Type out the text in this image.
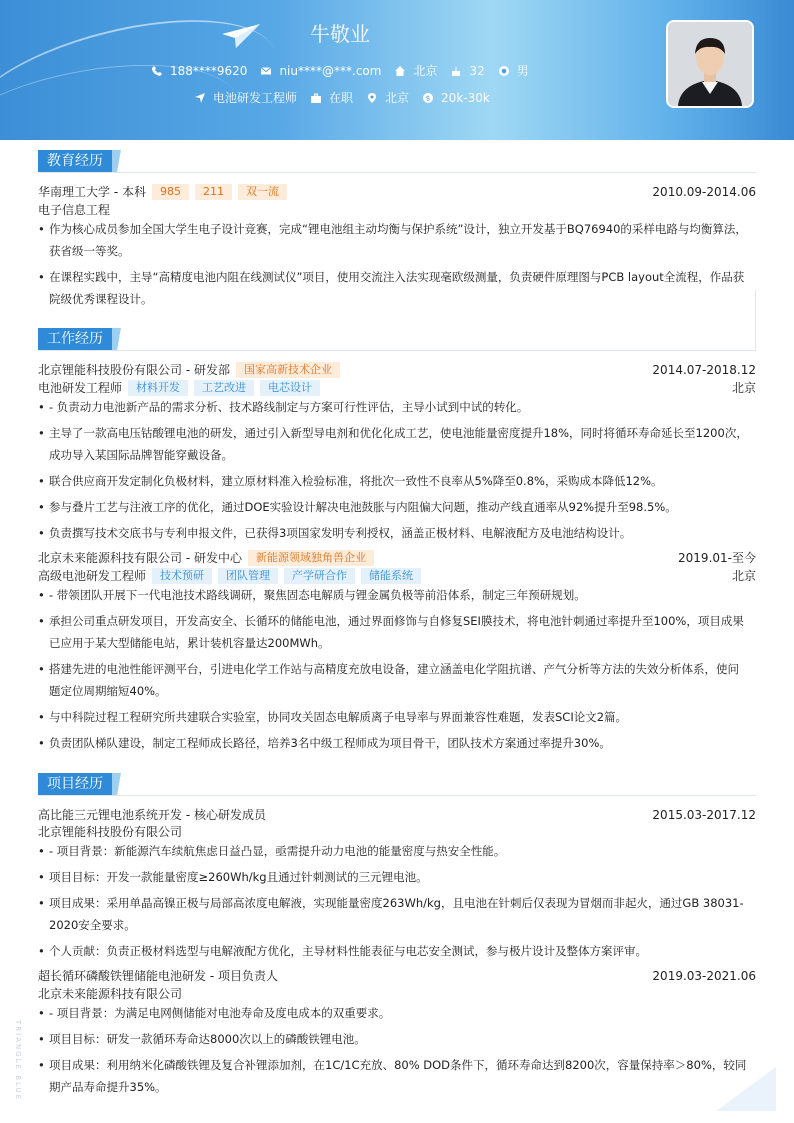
牛敬业
188****9620	niu****@***.com	北京	32	男
电池研发工程师	在职	北京 $ 20k-30k
教育经历
华南理工大学 - 本科	985	211	双一流	2010.09-2014.06
电子信息工程
• 作为核心成员参加全国大学生电子设计竞赛，完成“锂电池组主动均衡与保护系统”设计，独立开发基于BQ76940的采样电路与均衡算法，获省级一等奖。
• 在课程实践中，主导“高精度电池内阻在线测试仪”项目，使用交流注入法实现毫欧级测量，负责硬件原理图与PCB layout全流程，作品获院级优秀课程设计。
工作经历
北京锂能科技股份有限公司 - 研发部	国家高新技术企业	2014.07-2018.12
电池研发工程师	材料开发	工艺改进	电芯设计	北京
• - 负责动力电池新产品的需求分析、技术路线制定与方案可行性评估，主导小试到中试的转化。
• 主导了一款高电压钴酸锂电池的研发，通过引入新型导电剂和优化化成工艺，使电池能量密度提升18%，同时将循环寿命延长至1200次，成功导入某国际品牌智能穿戴设备。
• 联合供应商开发定制化负极材料，建立原材料准入检验标准，将批次一致性不良率从5%降至0.8%，采购成本降低12%。
• 参与叠片工艺与注液工序的优化，通过DOE实验设计解决电池鼓胀与内阻偏大问题，推动产线直通率从92%提升至98.5%。
• 负责撰写技术交底书与专利申报文件，已获得3项国家发明专利授权，涵盖正极材料、电解液配方及电池结构设计。
北京未来能源科技有限公司 - 研发中心	新能源领域独角兽企业	2019.01-至今
高级电池研发工程师	技术预研	团队管理	产学研合作	储能系统	北京
• - 带领团队开展下一代电池技术路线调研，聚焦固态电解质与锂金属负极等前沿体系，制定三年预研规划。
• 承担公司重点研发项目，开发高安全、长循环的储能电池，通过界面修饰与自修复SEI膜技术，将电池针刺通过率提升至100%，项目成果已应用于某大型储能电站，累计装机容量达200MWh。
• 搭建先进的电池性能评测平台，引进电化学工作站与高精度充放电设备，建立涵盖电化学阻抗谱、产气分析等方法的失效分析体系，使问题定位周期缩短40%。
• 与中科院过程工程研究所共建联合实验室，协同攻关固态电解质离子电导率与界面兼容性难题，发表SCI论文2篇。
• 负责团队梯队建设，制定工程师成长路径，培养3名中级工程师成为项目骨干，团队技术方案通过率提升30%。
项目经历
高比能三元锂电池系统开发 - 核心研发成员	2015.03-2017.12
北京锂能科技股份有限公司
• - 项目背景：新能源汽车续航焦虑日益凸显，亟需提升动力电池的能量密度与热安全性能。
• 项目目标：开发一款能量密度≥260Wh/kg且通过针刺测试的三元锂电池。
• 项目成果：采用单晶高镍正极与局部高浓度电解液，实现能量密度263Wh/kg，且电池在针刺后仅表现为冒烟而非起火，通过GB 38031-2020安全要求。
• 个人贡献：负责正极材料选型与电解液配方优化，主导材料性能表征与电芯安全测试，参与极片设计及整体方案评审。
超长循环磷酸铁锂储能电池研发 - 项目负责人	2019.03-2021.06
北京未来能源科技有限公司
• - 项目背景：为满足电网侧储能对电池寿命及度电成本的双重要求。
• 项目目标：研发一款循环寿命达8000次以上的磷酸铁锂电池。
• 项目成果：利用纳米化磷酸铁锂及复合补锂添加剂，在1C/1C充放、80% DOD条件下，循环寿命达到8200次，容量保持率＞80%，较同期产品寿命提升35%。
TRIANGLE BLUE
